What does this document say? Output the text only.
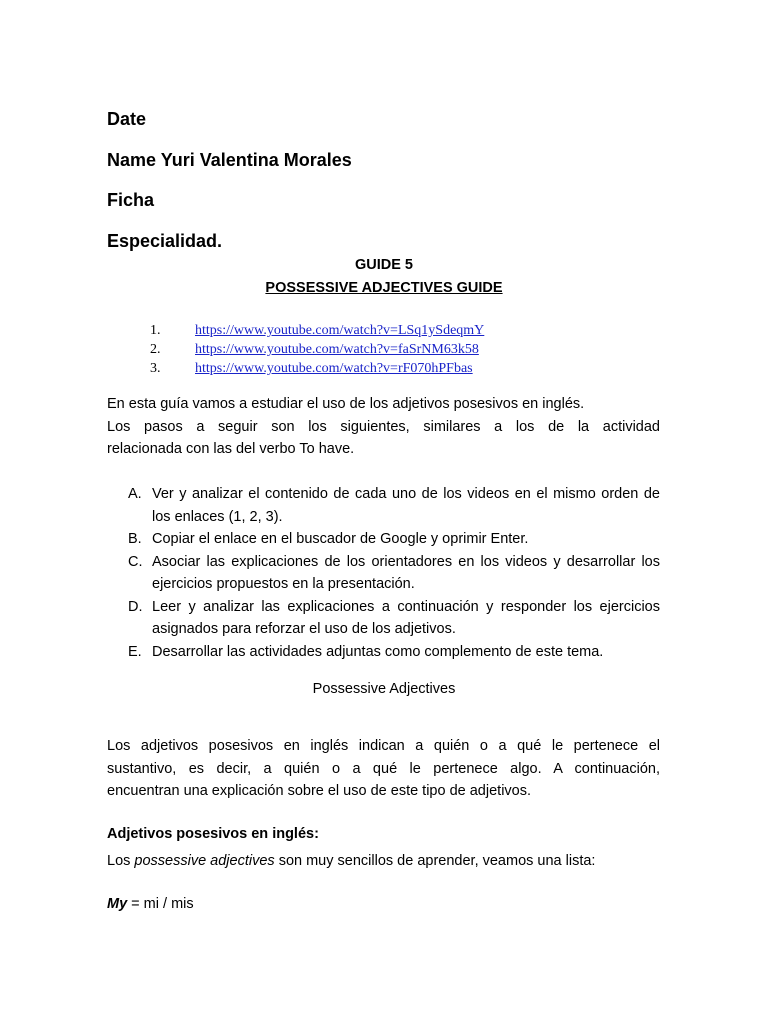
Date
Name Yuri Valentina Morales
Ficha
Especialidad.
GUIDE 5
POSSESSIVE ADJECTIVES GUIDE
1.	https://www.youtube.com/watch?v=LSq1ySdeqmY
2.	https://www.youtube.com/watch?v=faSrNM63k58
3.	https://www.youtube.com/watch?v=rF070hPFbas
En esta guía vamos a estudiar el uso de los adjetivos posesivos en inglés.
Los pasos a seguir son los siguientes, similares a los de la actividad
relacionada con las del verbo To have.
A. Ver y analizar el contenido de cada uno de los videos en el mismo orden de los enlaces (1, 2, 3).
B. Copiar el enlace en el buscador de Google y oprimir Enter.
C. Asociar las explicaciones de los orientadores en los videos y desarrollar los ejercicios propuestos en la presentación.
D. Leer y analizar las explicaciones a continuación y responder los ejercicios asignados para reforzar el uso de los adjetivos.
E. Desarrollar las actividades adjuntas como complemento de este tema.
Possessive Adjectives
Los adjetivos posesivos en inglés indican a quién o a qué le pertenece el
sustantivo, es decir, a quién o a qué le pertenece algo. A continuación,
encuentran una explicación sobre el uso de este tipo de adjetivos.
Adjetivos posesivos en inglés:
Los possessive adjectives son muy sencillos de aprender, veamos una lista:
My = mi / mis
